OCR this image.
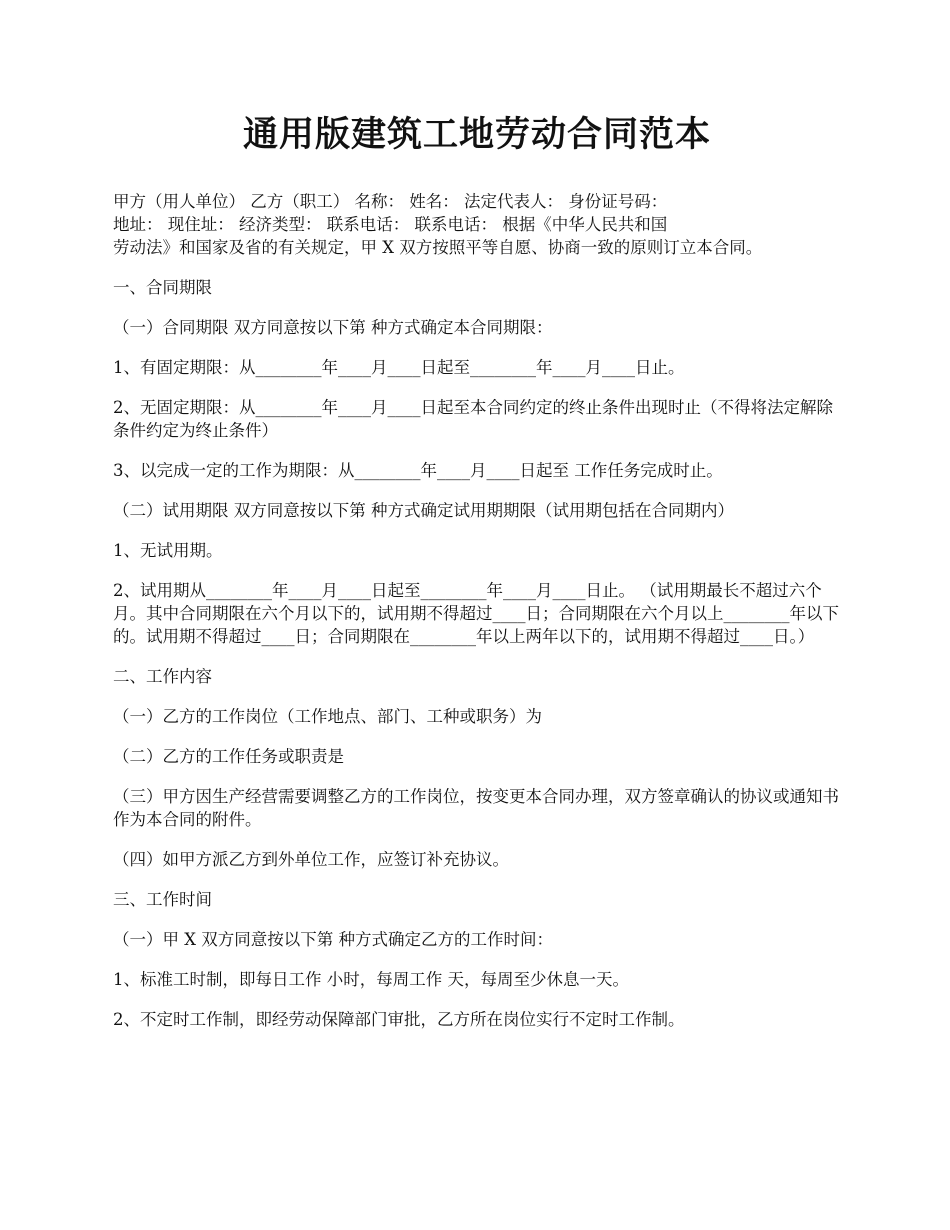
通用版建筑工地劳动合同范本

甲方（用人单位） 乙方（职工） 名称： 姓名： 法定代表人： 身份证号码：

地址： 现住址： 经济类型： 联系电话： 联系电话： 根据《中华人民共和国

劳动法》和国家及省的有关规定，甲 X 双方按照平等自愿、协商一致的原则订立本合同。

一、合同期限

（一）合同期限 双方同意按以下第 种方式确定本合同期限：

1、有固定期限：从________年____月____日起至________年____月____日止。

2、无固定期限：从________年____月____日起至本合同约定的终止条件出现时止（不得将法定解除条件约定为终止条件）

3、以完成一定的工作为期限：从________年____月____日起至 工作任务完成时止。

（二）试用期限 双方同意按以下第 种方式确定试用期期限（试用期包括在合同期内）

1、无试用期。

2、试用期从________年____月____日起至________年____月____日止。 （试用期最长不超过六个月。其中合同期限在六个月以下的，试用期不得超过____日；合同期限在六个月以上________年以下的。试用期不得超过____日；合同期限在________年以上两年以下的，试用期不得超过____日。）

二、工作内容

（一）乙方的工作岗位（工作地点、部门、工种或职务）为

（二）乙方的工作任务或职责是

（三）甲方因生产经营需要调整乙方的工作岗位，按变更本合同办理，双方签章确认的协议或通知书作为本合同的附件。

（四）如甲方派乙方到外单位工作，应签订补充协议。

三、工作时间

（一）甲 X 双方同意按以下第 种方式确定乙方的工作时间：

1、标准工时制，即每日工作 小时，每周工作 天，每周至少休息一天。

2、不定时工作制，即经劳动保障部门审批，乙方所在岗位实行不定时工作制。
